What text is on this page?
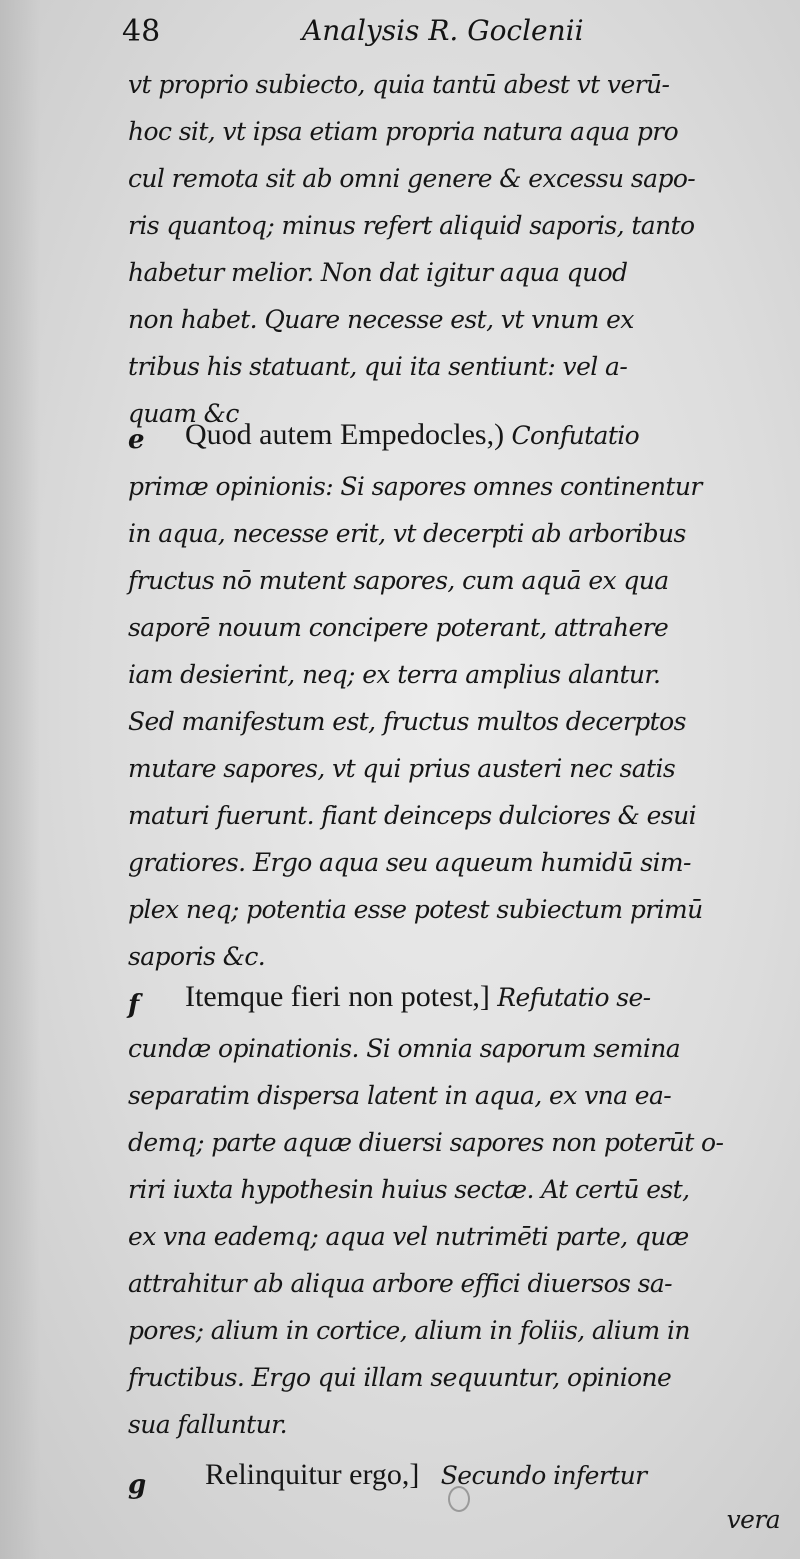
48	Analysis R. Goclenii
vt proprio subiecto, quia tantū abest vt verū-
hoc sit, vt ipsa etiam propria natura aqua pro
cul remota sit ab omni genere & excessu sapo-
ris quantoq; minus refert aliquid saporis, tanto
habetur melior. Non dat igitur aqua quod
non habet. Quare necesse est, vt vnum ex
tribus his statuant, qui ita sentiunt: vel a-
quam &c
e Quod autem Empedocles,) Confutatio
primæ opinionis: Si sapores omnes continentur
in aqua, necesse erit, vt decerpti ab arboribus
fructus nō mutent sapores, cum aquā ex qua
saporē nouum concipere poterant, attrahere
iam desierint, neq; ex terra amplius alantur.
Sed manifestum est, fructus multos decerptos
mutare sapores, vt qui prius austeri nec satis
maturi fuerunt. fiant deinceps dulciores & esui
gratiores. Ergo aqua seu aqueum humidū sim-
plex neq; potentia esse potest subiectum primū
saporis &c.
f Itemque fieri non potest,] Refutatio se-
cundæ opinationis. Si omnia saporum semina
separatim dispersa latent in aqua, ex vna ea-
demq; parte aquæ diuersi sapores non poterūt o-
riri iuxta hypothesin huius sectæ. At certū est,
ex vna eademq; aqua vel nutrimēti parte, quæ
attrahitur ab aliqua arbore effici diuersos sa-
pores; alium in cortice, alium in foliis, alium in
fructibus. Ergo qui illam sequuntur, opinione
sua falluntur.
g Relinquitur ergo,] Secundo infertur
vera
